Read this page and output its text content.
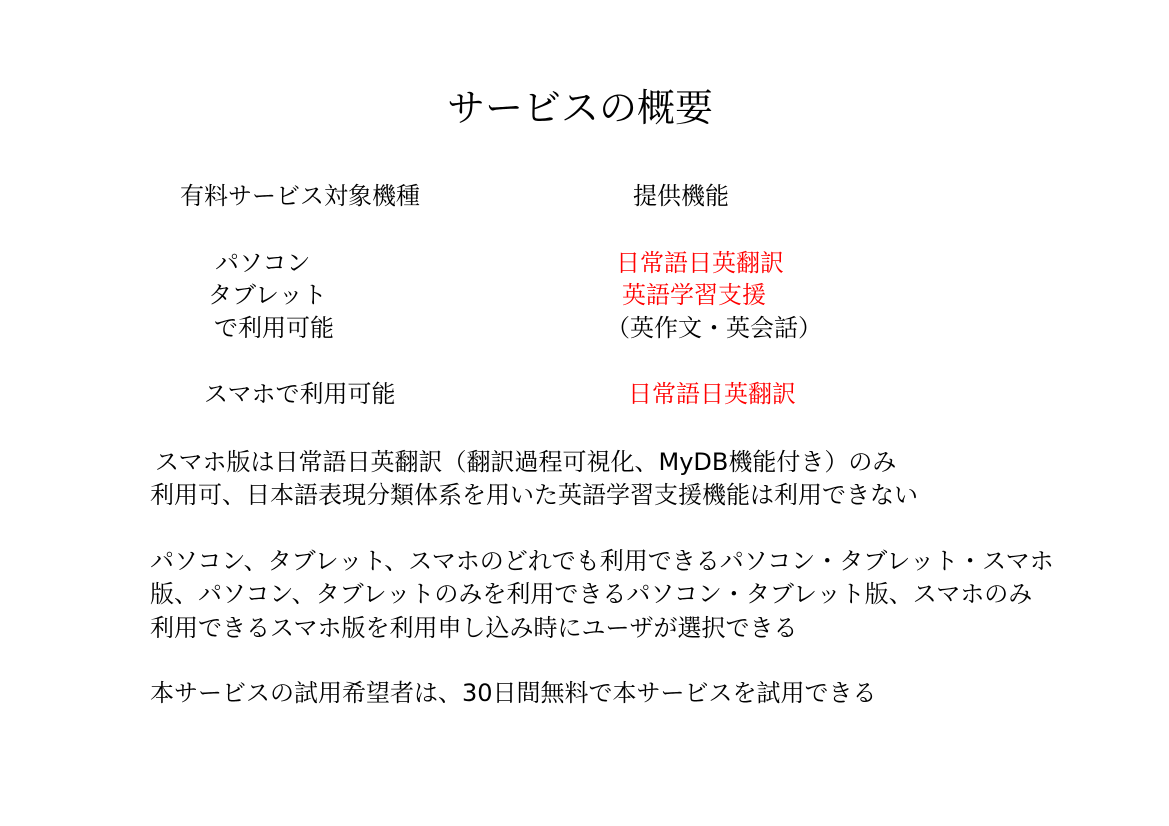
サービスの概要
有料サービス対象機種	提供機能
パソコン
タブレット
で利用可能
日常語日英翻訳
英語学習支援
（英作文・英会話）
スマホで利用可能	日常語日英翻訳
スマホ版は日常語日英翻訳（翻訳過程可視化、MyDB機能付き）のみ
利用可、日本語表現分類体系を用いた英語学習支援機能は利用できない
パソコン、タブレット、スマホのどれでも利用できるパソコン・タブレット・スマホ
版、パソコン、タブレットのみを利用できるパソコン・タブレット版、スマホのみ
利用できるスマホ版を利用申し込み時にユーザが選択できる
本サービスの試用希望者は、30日間無料で本サービスを試用できる
